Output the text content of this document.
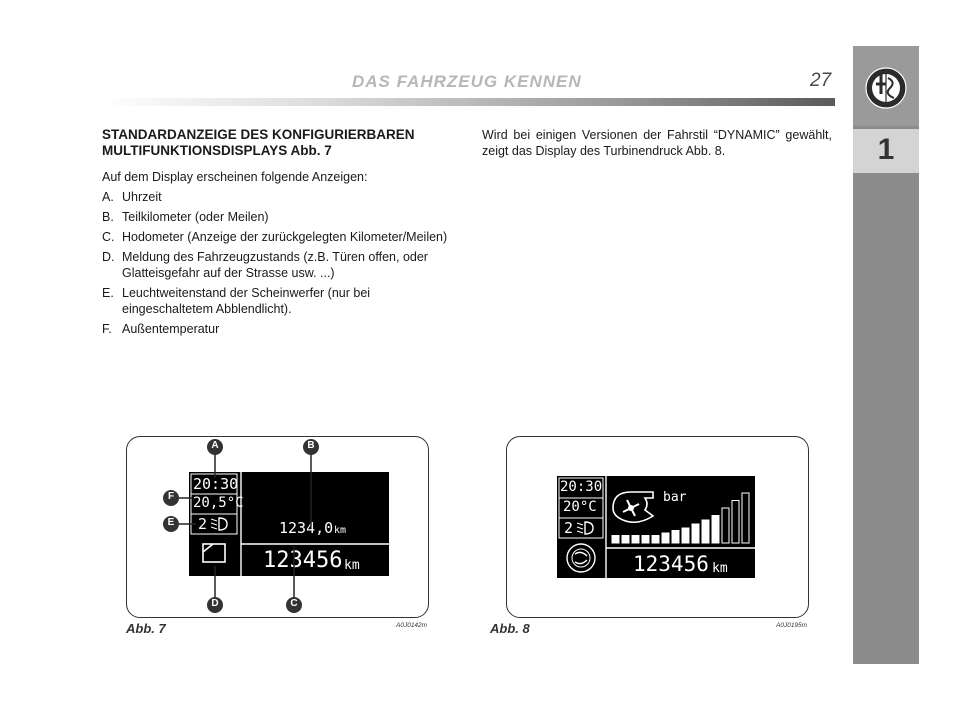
DAS FAHRZEUG KENNEN	27
1
STANDARDANZEIGE DES KONFIGURIERBAREN MULTIFUNKTIONSDISPLAYS Abb. 7
Auf dem Display erscheinen folgende Anzeigen:
A. Uhrzeit
B. Teilkilometer (oder Meilen)
C. Hodometer (Anzeige der zurückgelegten Kilometer/Meilen)
D. Meldung des Fahrzeugzustands (z.B. Türen offen, oder Glatteisgefahr auf der Strasse usw. ...)
E. Leuchtweitenstand der Scheinwerfer (nur bei eingeschaltetem Abblendlicht).
F. Außentemperatur
Wird bei einigen Versionen der Fahrstil “DYNAMIC” gewählt, zeigt das Display des Turbinendruck Abb. 8.
20:30
20,5°C
2	1234,0 km
123456 km
A	B
C
D
E
F
Abb. 7	A0J0142m
20:30
20°C
2
bar
123456 km
Abb. 8	A0J0195m
